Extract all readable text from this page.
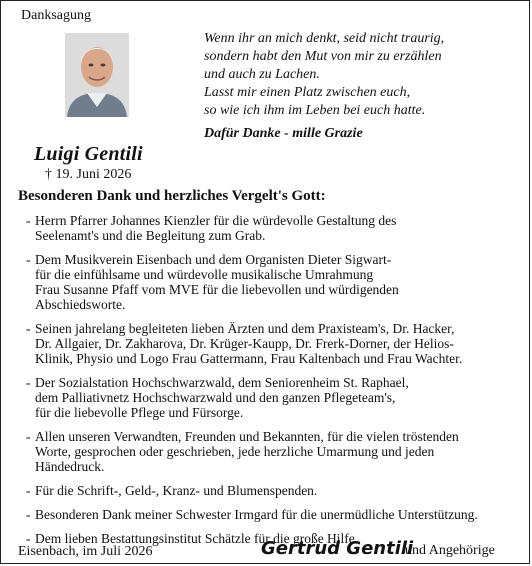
Danksagung
Wenn ihr an mich denkt, seid nicht traurig,
sondern habt den Mut von mir zu erzählen
und auch zu Lachen.
Lasst mir einen Platz zwischen euch,
so wie ich ihm im Leben bei euch hatte.
Dafür Danke - mille Grazie
Luigi Gentili
† 19. Juni 2026
Besonderen Dank und herzliches Vergelt's Gott:
- Herrn Pfarrer Johannes Kienzler für die würdevolle Gestaltung des
Seelenamt's und die Begleitung zum Grab.
- Dem Musikverein Eisenbach und dem Organisten Dieter Sigwart-
für die einfühlsame und würdevolle musikalische Umrahmung
Frau Susanne Pfaff vom MVE für die liebevollen und würdigenden
Abschiedsworte.
- Seinen jahrelang begleiteten lieben Ärzten und dem Praxisteam's, Dr. Hacker,
Dr. Allgaier, Dr. Zakharova, Dr. Krüger-Kaupp, Dr. Frerk-Dorner, der Helios-
Klinik, Physio und Logo Frau Gattermann, Frau Kaltenbach und Frau Wachter.
- Der Sozialstation Hochschwarzwald, dem Seniorenheim St. Raphael,
dem Palliativnetz Hochschwarzwald und den ganzen Pflegeteam's,
für die liebevolle Pflege und Fürsorge.
- Allen unseren Verwandten, Freunden und Bekannten, für die vielen tröstenden
Worte, gesprochen oder geschrieben, jede herzliche Umarmung und jeden
Händedruck.
- Für die Schrift-, Geld-, Kranz- und Blumenspenden.
- Besonderen Dank meiner Schwester Irmgard für die unermüdliche Unterstützung.
- Dem lieben Bestattungsinstitut Schätzle für die große Hilfe.
Eisenbach, im Juli 2026	Gertrud Gentili
und Angehörige
